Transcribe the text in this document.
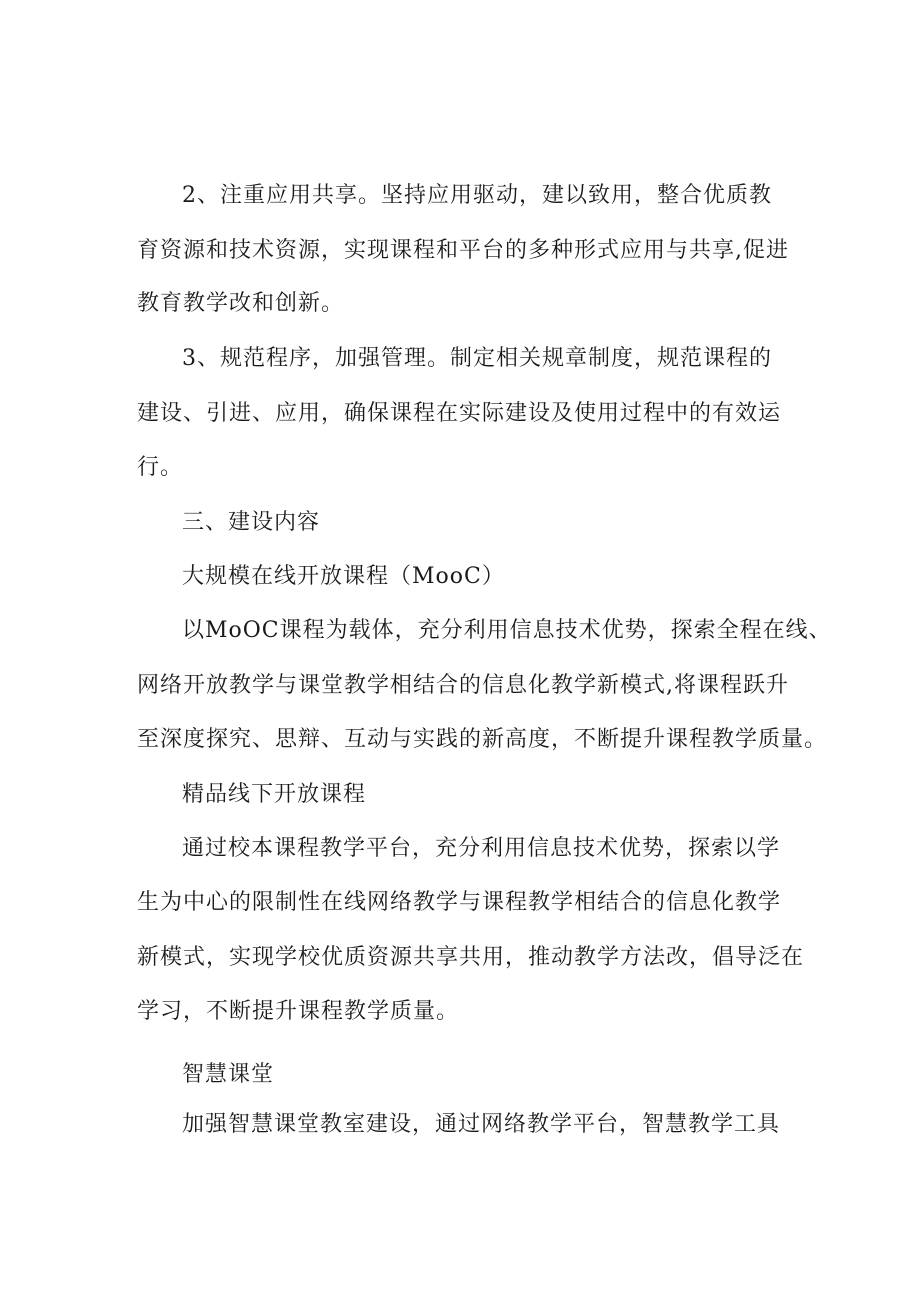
2、注重应用共享。坚持应用驱动，建以致用，整合优质教
育资源和技术资源，实现课程和平台的多种形式应用与共享,促进
教育教学改和创新。
3、规范程序，加强管理。制定相关规章制度，规范课程的
建设、引进、应用，确保课程在实际建设及使用过程中的有效运
行。
三、建设内容
大规模在线开放课程（MooC）
以MoOC课程为载体，充分利用信息技术优势，探索全程在线、
网络开放教学与课堂教学相结合的信息化教学新模式,将课程跃升
至深度探究、思辩、互动与实践的新高度，不断提升课程教学质量。
精品线下开放课程
通过校本课程教学平台，充分利用信息技术优势，探索以学
生为中心的限制性在线网络教学与课程教学相结合的信息化教学
新模式，实现学校优质资源共享共用，推动教学方法改，倡导泛在
学习，不断提升课程教学质量。
智慧课堂
加强智慧课堂教室建设，通过网络教学平台，智慧教学工具
